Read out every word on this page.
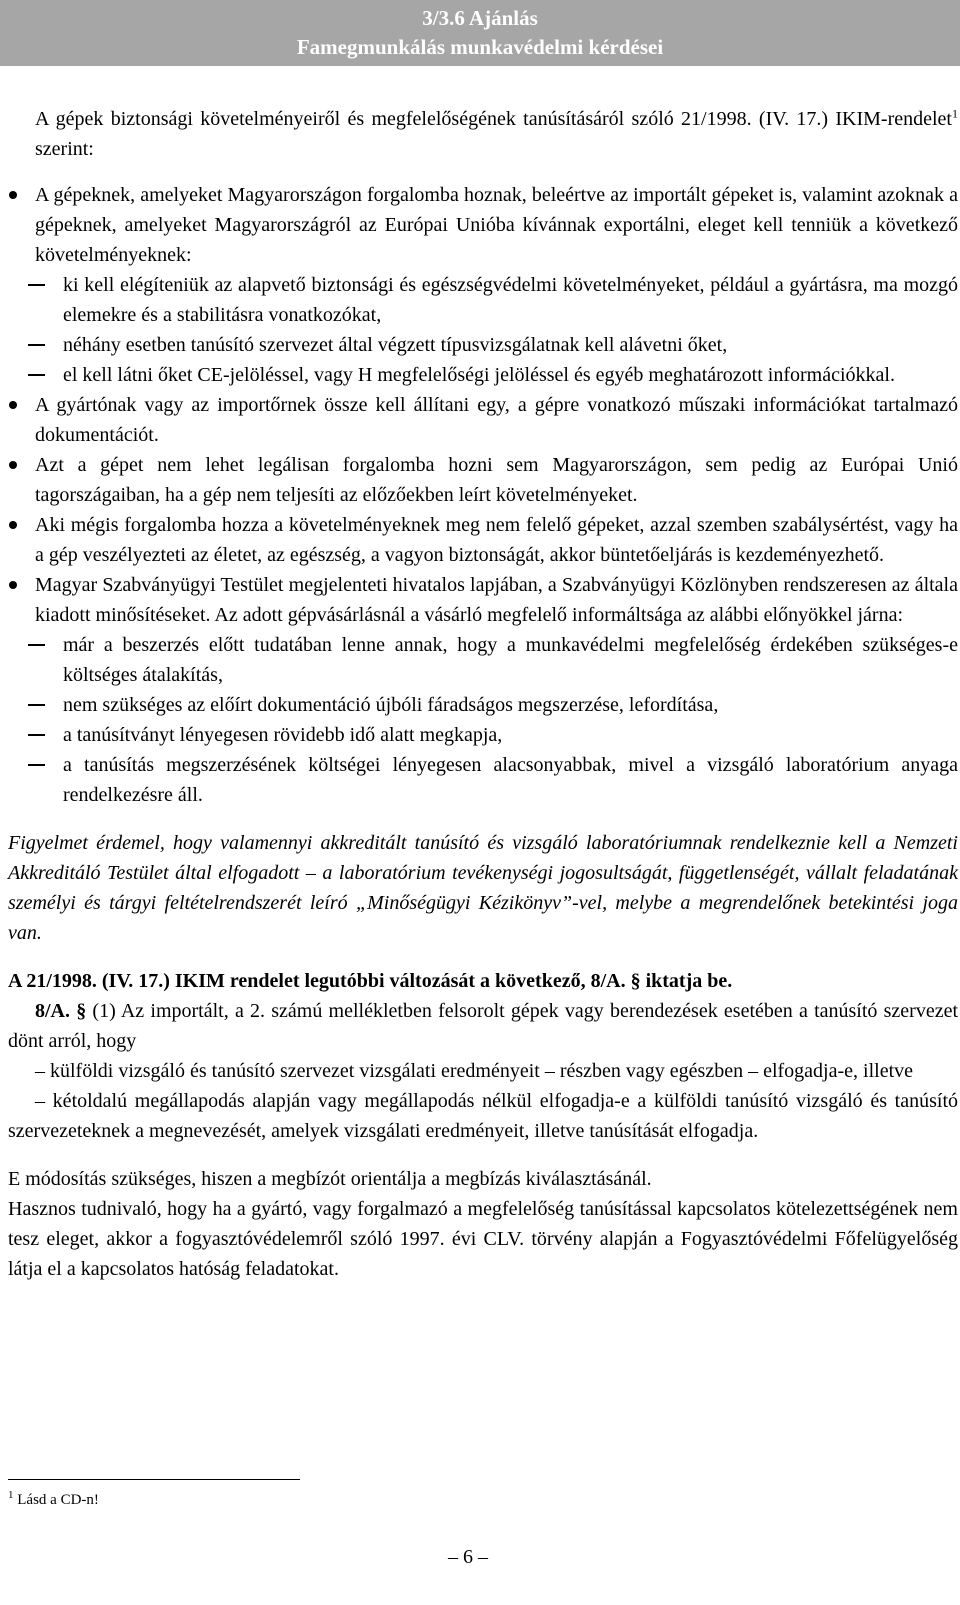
3/3.6 Ajánlás
Famegmunkálás munkavédelmi kérdései

A gépek biztonsági követelményeiről és megfelelőségének tanúsításáról szóló 21/1998. (IV. 17.) IKIM-rendelet$^1$ szerint:

A gépeknek, amelyeket Magyarországon forgalomba hoznak, beleértve az importált gépeket is, valamint azoknak a gépeknek, amelyeket Magyarországról az Európai Unióba kívánnak exportálni, eleget kell tenniük a következő követelményeknek:

ki kell elégíteniük az alapvető biztonsági és egészségvédelmi követelményeket, például a gyártásra, ma mozgó elemekre és a stabilitásra vonatkozókat,

néhány esetben tanúsító szervezet által végzett típusvizsgálatnak kell alávetni őket,

el kell látni őket CE-jelöléssel, vagy H megfelelőségi jelöléssel és egyéb meghatározott információkkal.

A gyártónak vagy az importőrnek össze kell állítani egy, a gépre vonatkozó műszaki információkat tartalmazó dokumentációt.

Azt a gépet nem lehet legálisan forgalomba hozni sem Magyarországon, sem pedig az Európai Unió tagországaiban, ha a gép nem teljesíti az előzőekben leírt követelményeket.

Aki mégis forgalomba hozza a követelményeknek meg nem felelő gépeket, azzal szemben szabálysértést, vagy ha a gép veszélyezteti az életet, az egészség, a vagyon biztonságát, akkor büntetőeljárás is kezdeményezhető.

Magyar Szabványügyi Testület megjelenteti hivatalos lapjában, a Szabványügyi Közlönyben rendszeresen az általa kiadott minősítéseket. Az adott gépvásárlásnál a vásárló megfelelő informáltsága az alábbi előnyökkel járna:

már a beszerzés előtt tudatában lenne annak, hogy a munkavédelmi megfelelőség érdekében szükséges-e költséges átalakítás,

nem szükséges az előírt dokumentáció újbóli fáradságos megszerzése, lefordítása,

a tanúsítványt lényegesen rövidebb idő alatt megkapja,

a tanúsítás megszerzésének költségei lényegesen alacsonyabbak, mivel a vizsgáló laboratórium anyaga rendelkezésre áll.

Figyelmet érdemel, hogy valamennyi akkreditált tanúsító és vizsgáló laboratóriumnak rendelkeznie kell a Nemzeti Akkreditáló Testület által elfogadott – a laboratórium tevékenységi jogosultságát, függetlenségét, vállalt feladatának személyi és tárgyi feltételrendszerét leíró „Minőségügyi Kézikönyv”-vel, melybe a megrendelőnek betekintési joga van.

A 21/1998. (IV. 17.) IKIM rendelet legutóbbi változását a következő, 8/A. § iktatja be.

8/A. § (1) Az importált, a 2. számú mellékletben felsorolt gépek vagy berendezések esetében a tanúsító szervezet dönt arról, hogy

– külföldi vizsgáló és tanúsító szervezet vizsgálati eredményeit – részben vagy egészben – elfogadja-e, illetve

– kétoldalú megállapodás alapján vagy megállapodás nélkül elfogadja-e a külföldi tanúsító vizsgáló és tanúsító szervezeteknek a megnevezését, amelyek vizsgálati eredményeit, illetve tanúsítását elfogadja.

E módosítás szükséges, hiszen a megbízót orientálja a megbízás kiválasztásánál.

Hasznos tudnivaló, hogy ha a gyártó, vagy forgalmazó a megfelelőség tanúsítással kapcsolatos kötelezettségének nem tesz eleget, akkor a fogyasztóvédelemről szóló 1997. évi CLV. törvény alapján a Fogyasztóvédelmi Főfelügyelőség látja el a kapcsolatos hatóság feladatokat.

$^1$ Lásd a CD-n!
– 6 –
